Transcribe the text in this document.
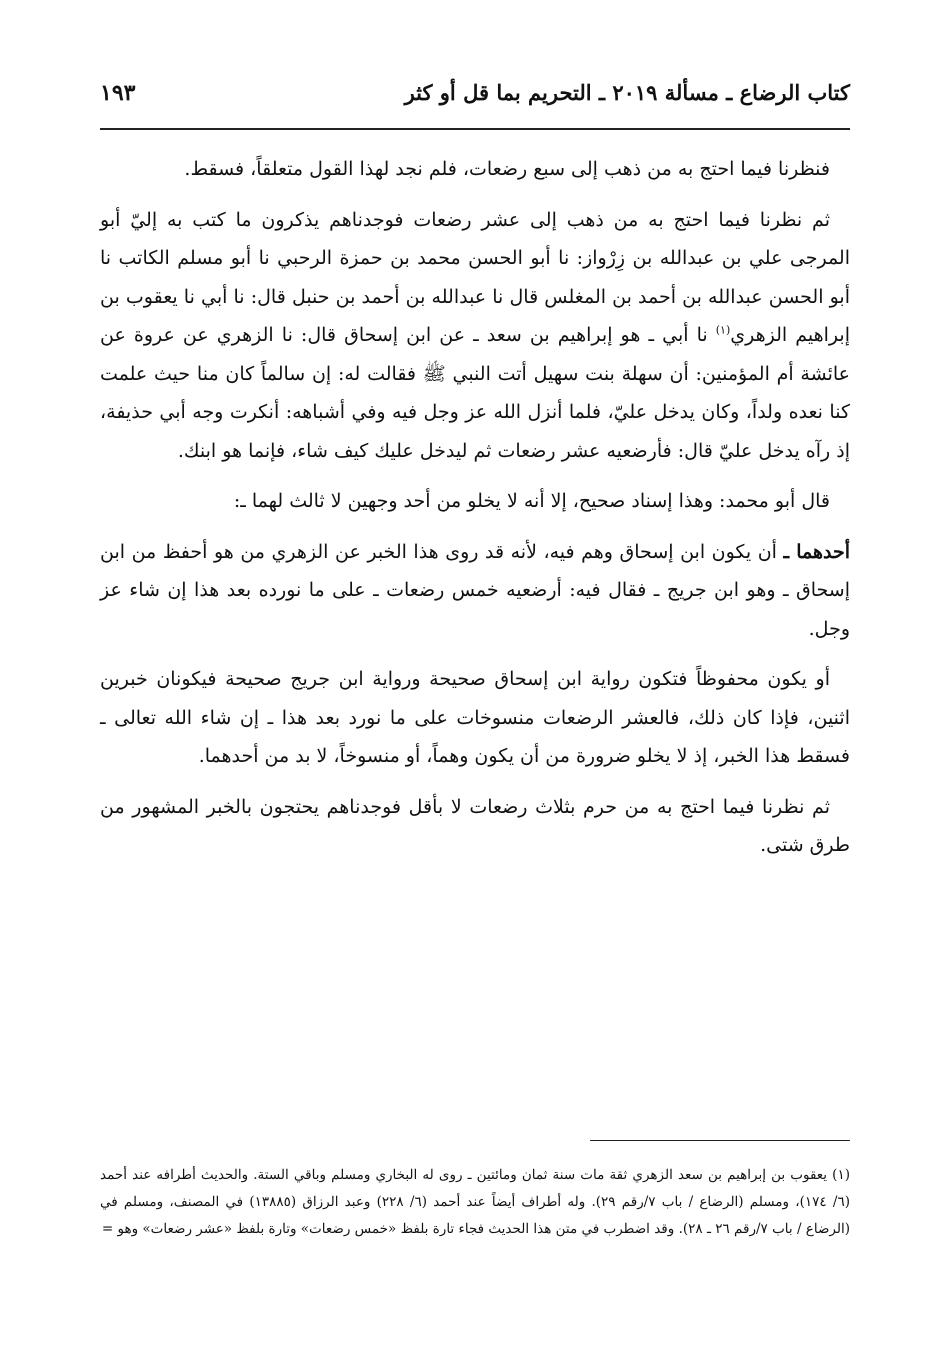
كتاب الرضاع ـ مسألة ٢٠١٩ ـ التحريم بما قل أو كثر
١٩٣

فنظرنا فيما احتج به من ذهب إلى سبع رضعات، فلم نجد لهذا القول متعلقاً، فسقط.

ثم نظرنا فيما احتج به من ذهب إلى عشر رضعات فوجدناهم يذكرون ما كتب به إليّ أبو المرجى علي بن عبدالله بن زِرْواز: نا أبو الحسن محمد بن حمزة الرحبي نا أبو مسلم الكاتب نا أبو الحسن عبدالله بن أحمد بن المغلس قال نا عبدالله بن أحمد بن حنبل قال: نا أبي نا يعقوب بن إبراهيم الزهري$^{(١)}$ نا أبي ـ هو إبراهيم بن سعد ـ عن ابن إسحاق قال: نا الزهري عن عروة عن عائشة أم المؤمنين: أن سهلة بنت سهيل أتت النبي ﷺ فقالت له: إن سالماً كان منا حيث علمت كنا نعده ولداً، وكان يدخل عليّ، فلما أنزل الله عز وجل فيه وفي أشباهه: أنكرت وجه أبي حذيفة، إذ رآه يدخل عليّ قال: فأرضعيه عشر رضعات ثم ليدخل عليك كيف شاء، فإنما هو ابنك.

قال أبو محمد: وهذا إسناد صحيح، إلا أنه لا يخلو من أحد وجهين لا ثالث لهما ـ:

أحدهما ـ أن يكون ابن إسحاق وهم فيه، لأنه قد روى هذا الخبر عن الزهري من هو أحفظ من ابن إسحاق ـ وهو ابن جريج ـ فقال فيه: أرضعيه خمس رضعات ـ على ما نورده بعد هذا إن شاء عز وجل.

أو يكون محفوظاً فتكون رواية ابن إسحاق صحيحة ورواية ابن جريج صحيحة فيكونان خبرين اثنين، فإذا كان ذلك، فالعشر الرضعات منسوخات على ما نورد بعد هذا ـ إن شاء الله تعالى ـ فسقط هذا الخبر، إذ لا يخلو ضرورة من أن يكون وهماً، أو منسوخاً، لا بد من أحدهما.

ثم نظرنا فيما احتج به من حرم بثلاث رضعات لا بأقل فوجدناهم يحتجون بالخبر المشهور من طرق شتى.

(١) يعقوب بن إبراهيم بن سعد الزهري ثقة مات سنة ثمان ومائتين ـ روى له البخاري ومسلم وباقي الستة. والحديث أطرافه عند أحمد (٦/ ١٧٤)، ومسلم (الرضاع / باب ٧/رقم ٢٩). وله أطراف أيضاً عند أحمد (٦/ ٢٢٨) وعبد الرزاق (١٣٨٨٥) في المصنف، ومسلم في (الرضاع / باب ٧/رقم ٢٦ ـ ٢٨). وقد اضطرب في متن هذا الحديث فجاء تارة بلفظ «خمس رضعات» وتارة بلفظ «عشر رضعات» وهو =
